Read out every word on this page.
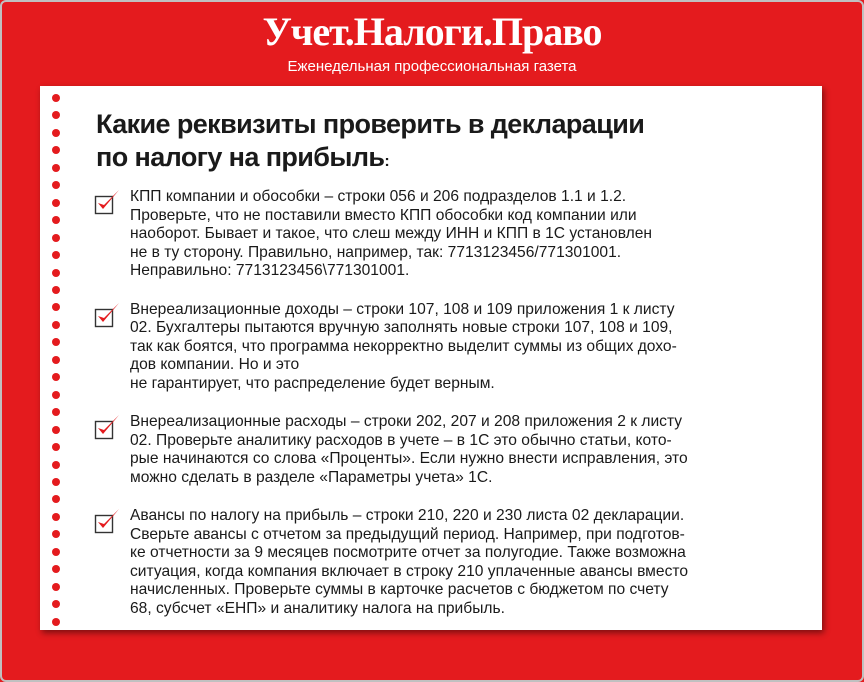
Учет.Налоги.Право
Еженедельная профессиональная газета
Какие реквизиты проверить в декларации
по налогу на прибыль:
КПП компании и обособки – строки 056 и 206 подразделов 1.1 и 1.2.
Проверьте, что не поставили вместо КПП обособки код компании или
наоборот. Бывает и такое, что слеш между ИНН и КПП в 1С установлен
не в ту сторону. Правильно, например, так: 7713123456/771301001.
Неправильно: 7713123456\771301001.
Внереализационные доходы – строки 107, 108 и 109 приложения 1 к листу
02. Бухгалтеры пытаются вручную заполнять новые строки 107, 108 и 109,
так как боятся, что программа некорректно выделит суммы из общих дохо-
дов компании. Но и это
не гарантирует, что распределение будет верным.
Внереализационные расходы – строки 202, 207 и 208 приложения 2 к листу
02. Проверьте аналитику расходов в учете – в 1С это обычно статьи, кото-
рые начинаются со слова «Проценты». Если нужно внести исправления, это
можно сделать в разделе «Параметры учета» 1С.
Авансы по налогу на прибыль – строки 210, 220 и 230 листа 02 декларации.
Сверьте авансы с отчетом за предыдущий период. Например, при подготов-
ке отчетности за 9 месяцев посмотрите отчет за полугодие. Также возможна
ситуация, когда компания включает в строку 210 уплаченные авансы вместо
начисленных. Проверьте суммы в карточке расчетов с бюджетом по счету
68, субсчет «ЕНП» и аналитику налога на прибыль.
